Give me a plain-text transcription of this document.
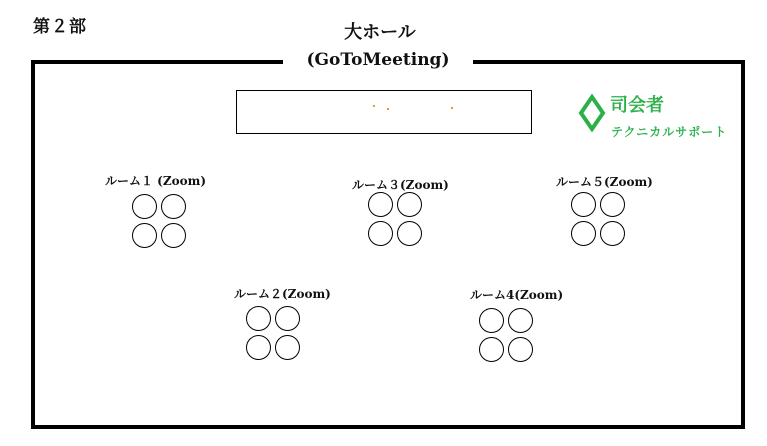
第２部	大ホール
(GoToMeeting)
司会者
テクニカルサポート
ルーム１ (Zoom)	ルーム３(Zoom)	ルーム５(Zoom)
ルーム２(Zoom)	ルーム4(Zoom)
